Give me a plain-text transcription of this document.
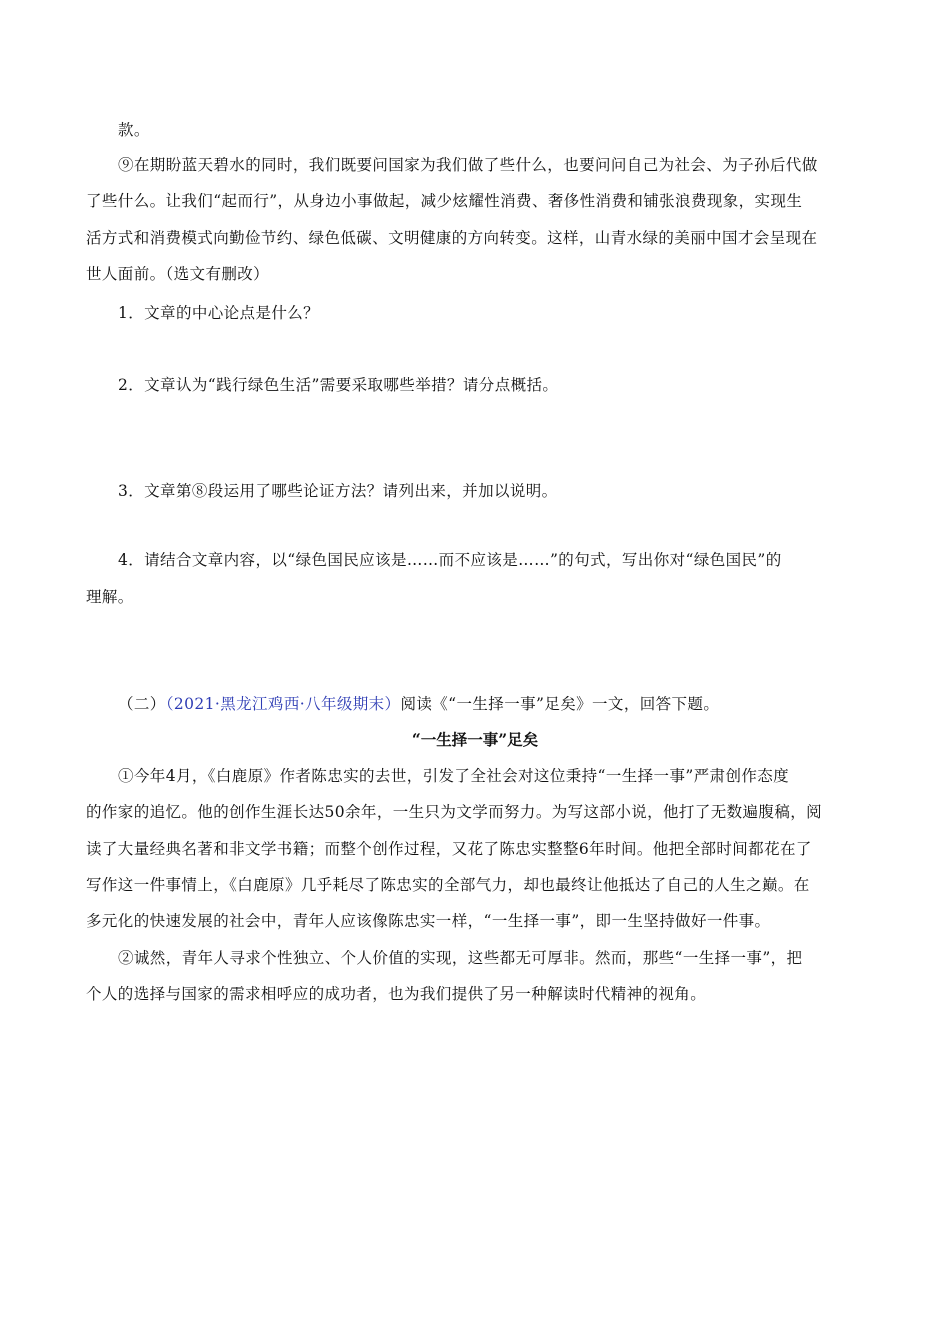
款。
⑨在期盼蓝天碧水的同时，我们既要问国家为我们做了些什么，也要问问自己为社会、为子孙后代做
了些什么。让我们“起而行”，从身边小事做起，减少炫耀性消费、奢侈性消费和铺张浪费现象，实现生
活方式和消费模式向勤俭节约、绿色低碳、文明健康的方向转变。这样，山青水绿的美丽中国才会呈现在
世人面前。（选文有删改）
1．文章的中心论点是什么？
2．文章认为“践行绿色生活”需要采取哪些举措？请分点概括。
3．文章第⑧段运用了哪些论证方法？请列出来，并加以说明。
4．请结合文章内容，以“绿色国民应该是……而不应该是……”的句式，写出你对“绿色国民”的
理解。
（二）（2021·黑龙江鸡西·八年级期末）阅读《“一生择一事”足矣》一文，回答下题。
“一生择一事”足矣
①今年4月，《白鹿原》作者陈忠实的去世，引发了全社会对这位秉持“一生择一事”严肃创作态度
的作家的追忆。他的创作生涯长达50余年，一生只为文学而努力。为写这部小说，他打了无数遍腹稿，阅
读了大量经典名著和非文学书籍；而整个创作过程，又花了陈忠实整整6年时间。他把全部时间都花在了
写作这一件事情上，《白鹿原》几乎耗尽了陈忠实的全部气力，却也最终让他抵达了自己的人生之巅。在
多元化的快速发展的社会中，青年人应该像陈忠实一样，“一生择一事”，即一生坚持做好一件事。
②诚然，青年人寻求个性独立、个人价值的实现，这些都无可厚非。然而，那些“一生择一事”，把
个人的选择与国家的需求相呼应的成功者，也为我们提供了另一种解读时代精神的视角。
